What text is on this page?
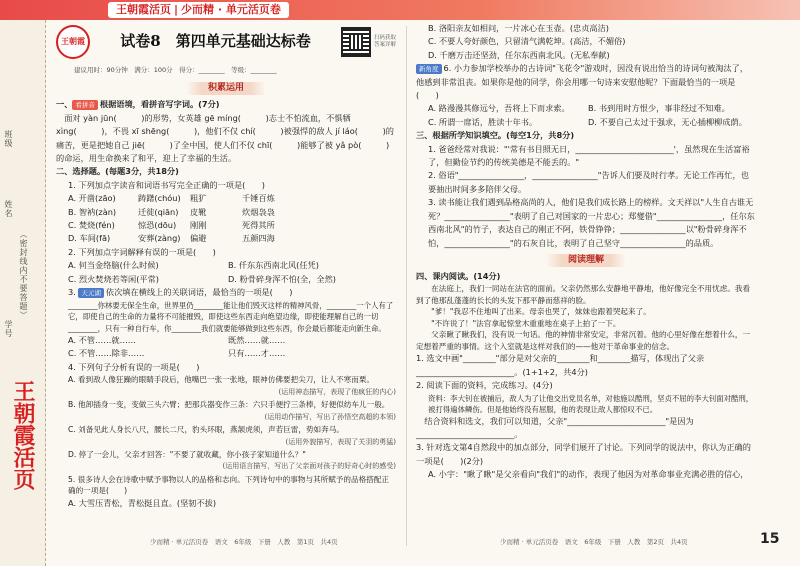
王朝霞活页 | 少而精 · 单元活页卷
班级
姓名
（密封线内不要答题）
学号
王朝霞活页
王朝霞	试卷8　第四单元基础达标卷	扫码获取答案详解
建议用时：90分钟　满分：100分　得分：________　等级：________
积累运用

一、 看拼音 根据语境，看拼音写字词。(7分)

　面对 yàn jūn(　　　)的形势，女英雄 gē míng(　　　)志士不怕流血，不惧牺 xìng(　　　)，不畏 xī shēng(　　　)，他们不仅 chí(　　　)被强悍的敌人 jí láo(　　　)的痛苦，更是把她自己 jiē(　　　)了全中国，使人们不仅 chī(　　　)能够了被 yǎ pò(　　　)的命运，用生命换来了和平，迎上了幸福的生活。

二、选择题。(每题3分，共18分)

1. 下列加点字读音和词语书写完全正确的一项是(　　)

A. 开凿(zāo)	踌躇(chóu)	粗犷	千锤百炼
B. 智衲(zàn)	迁徙(qiān)	皮靴	炊烟袅袅
C. 焚烧(fén)	惊恐(dōu)	刚刚	死得其所
D. 车间(fā)	安葬(zàng)	偏避	五颜四海

2. 下列加点字词解释有误的一项是(　　)

A. 何当金络脑(什么时候)	B. 仟东东西南北风(任凭)
C. 烈火焚烧若等闲(平常)	D. 粉骨碎身浑不怕(全，全然)

3. 天元湖 依次填在横线上的关联词语，最恰当的一项是(　　)

________你林要无保全生命，世界里仍________能让他们毁灭这样的精神风骨，________一个人有了它，即使自己的生命的力量将不可能摧毁，即使这些东西走向绝望边缘，即使能理解自己的一切________，只有一种自行车，你________我们就要能够做到这些东西，你会最后都能走向新生命。

A. 不管……就……	既然……就……
C. 不管……除非……	只有……才……

4. 下列句子分析有误的一项是(　　)

A. 看到敌人像狂躁的眼睛手段后，他嘴巴一张一张地，眼神仿佛要把尖刀，让人不寒而栗。

(运用神态描写，表现了他疯狂的内心)

B. 他卸插身一变，变做三头六臂；把那兵器变作三条：六只手便拧三条棒，好便似纺车儿一般。

(运用动作描写，写出了孙悟空高超的本领)

C. 刘备见此人身长八尺，腰长二尺，豹头环眼，燕颔虎须，声若巨雷，势如奔马。

(运用外貌描写，表现了关羽的勇猛)

D. 停了一会儿，父亲才回答："不要了就收藏，你小孩子家知道什么？"

(运用语言描写，写出了父亲面对孩子的好奇心时的感受)

5. 很多诗人会在诗歌中赋予事物以人的品格和志向。下列诗句中的事物与其所赋予的品格搭配正确的一项是(　　)

A. 大雪压青松，青松挺且直。(坚韧不拔)

少而精 · 单元活页卷　语文　6年级　下册　人教　第1页　共4页

B. 洛阳亲友如相问，一片冰心在玉壶。(忠贞高洁)

C. 不要人夸好颜色，只留清气满乾坤。(高洁，不媚俗)

D. 千磨万击还坚劲，任尔东西南北风。(无私奉献)

新角度 6. 小力参加学校举办的古诗词"飞花令"游戏时，因没有说出恰当的诗词句被淘汰了，他感到非常沮丧。如果你是他的同学，你会用哪一句诗来安慰他呢？下面最恰当的一项是(　　)

A. 路漫漫其修远兮，吾将上下而求索。	B. 书到用时方恨少，事非经过不知难。
C. 所谓一席话，胜读十年书。	D. 不要自己太过于强求，无心插柳柳成荫。

三、根据所学知识填空。(每空1分，共8分)

1. 爸爸经常对我说："'常有书目照无日，________________________'，虽然现在生活富裕了，但勤俭节约的传统美德是不能丢的。"

2. 俗语"________________，________________"告诉人们要及时行孝。无论工作再忙，也要抽出时间多多陪伴父母。

3. 读书能让我们遇到品格高尚的人，他们是我们成长路上的榜样。文天祥以"人生自古谁无死？________________"表明了自己对国家的一片忠心；郑燮借"________________，任尔东西南北风"的竹子，表达自己的刚正不阿，铁骨铮铮；________________以"粉骨碎身浑不怕，________________"的石灰自比，表明了自己坚守________________的品质。

阅读理解

四、课内阅读。(14分)

　　在法庭上，我们一同站在法官的面前。父亲仍然那么安静地平静地，他好像完全不用忧虑。我看到了他那乱蓬蓬的长长的头发下那平静而慈祥的脸。

　　"爹！"我忍不住地叫了出来。母亲也哭了，妹妹也跟着哭起来了。

　　"不许说了！"法官拿起惊堂木重重地在桌子上拍了一下。

　　父亲瞅了瞅我们，没有说一句话。他的神情非常安定，非常沉着。他的心里好像在想着什么，一定想着严重的事情。这个入室就是这样对我们的——他对于革命事业的信念。

1. 选文中画"________"部分是对父亲的________和________描写，体现出了父亲________________________。(1+1+2，共4分)

2. 阅读下面的资料，完成练习。(4分)

资料：李大钊在被捕后，敌人为了让他交出党员名单，对他施以酷刑，坚贞不屈的李大钊面对酷刑，被打得遍体鳞伤。但是他始终没有屈服，他的表现让敌人都惊叹不已。

　结合资料和选文，我们可以知道，父亲"________________________"是因为________________________。

3. 针对选文第4自然段中的加点部分，同学们展开了讨论。下列同学的说法中，你认为正确的一项是(　　)(2分)

A. 小宇："瞅了瞅"是父亲看向"我们"的动作，表现了他因为对革命事业充满必胜的信心，

少而精 · 单元活页卷　语文　6年级　下册　人教　第2页　共4页	15
